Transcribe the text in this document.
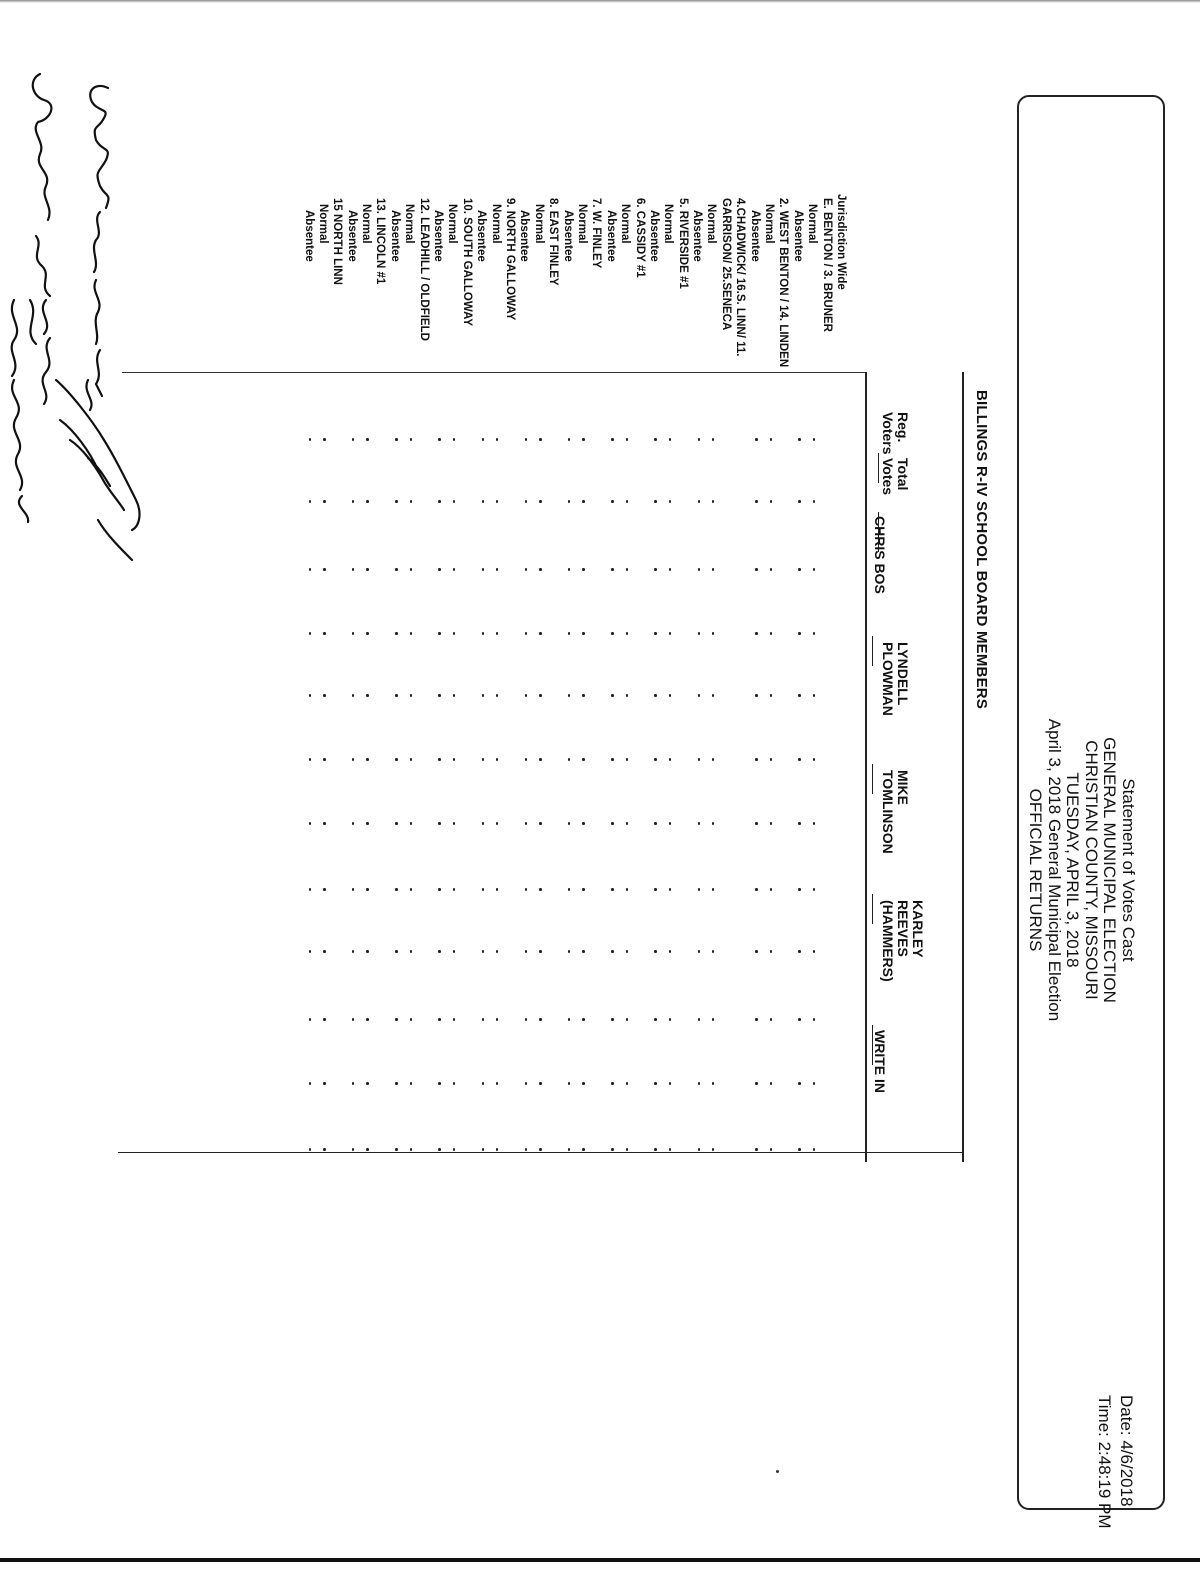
Statement of Votes Cast
GENERAL MUNICIPAL ELECTION
CHRISTIAN COUNTY, MISSOURI
TUESDAY, APRIL 3, 2018
April 3, 2018 General Municipal Election
OFFICIAL RETURNS
Date: 4/6/2018
Time: 2:48:19 PM
BILLINGS R-IV SCHOOL BOARD MEMBERS
Reg.
Voters
Total
Votes
CHRIS BOS
LYNDELL
PLOWMAN
MIKE
TOMLINSON
KARLEY
REEVES
(HAMMERS)
WRITE IN
Jurisdiction Wide
E. BENTON / 3. BRUNER
Normal
Absentee
2. WEST BENTON / 14. LINDEN
Normal
Absentee
4.CHADWICK/ 16.S. LINN/ 11.
GARRISON/ 25.SENECA
Normal
Absentee
5. RIVERSIDE #1
Normal
Absentee
6. CASSIDY #1
Normal
Absentee
7. W. FINLEY
Normal
Absentee
8. EAST FINLEY
Normal
Absentee
9. NORTH GALLOWAY
Normal
Absentee
10. SOUTH GALLOWAY
Normal
Absentee
12. LEADHILL / OLDFIELD
Normal
Absentee
13. LINCOLN #1
Normal
Absentee
15 NORTH LINN
Normal
Absentee
